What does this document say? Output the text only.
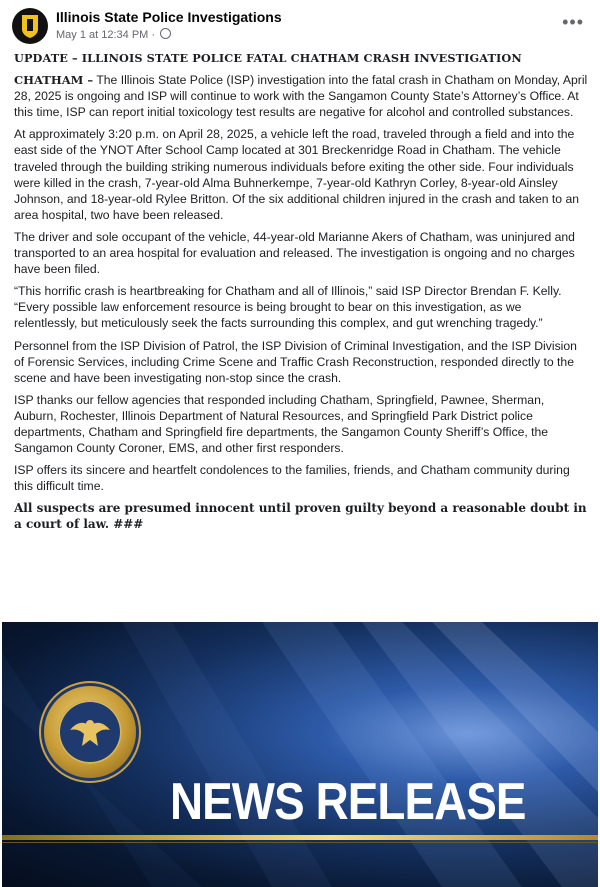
Illinois State Police Investigations
May 1 at 12:34 PM ·
•••
UPDATE – ILLINOIS STATE POLICE FATAL CHATHAM CRASH INVESTIGATION

CHATHAM – The Illinois State Police (ISP) investigation into the fatal crash in Chatham on Monday, April 28, 2025 is ongoing and ISP will continue to work with the Sangamon County State’s Attorney’s Office. At this time, ISP can report initial toxicology test results are negative for alcohol and controlled substances.

At approximately 3:20 p.m. on April 28, 2025, a vehicle left the road, traveled through a field and into the east side of the YNOT After School Camp located at 301 Breckenridge Road in Chatham. The vehicle traveled through the building striking numerous individuals before exiting the other side. Four individuals were killed in the crash, 7-year-old Alma Buhnerkempe, 7-year-old Kathryn Corley, 8-year-old Ainsley Johnson, and 18-year-old Rylee Britton. Of the six additional children injured in the crash and taken to an area hospital, two have been released.

The driver and sole occupant of the vehicle, 44-year-old Marianne Akers of Chatham, was uninjured and transported to an area hospital for evaluation and released. The investigation is ongoing and no charges have been filed.

“This horrific crash is heartbreaking for Chatham and all of Illinois,” said ISP Director Brendan F. Kelly. “Every possible law enforcement resource is being brought to bear on this investigation, as we relentlessly, but meticulously seek the facts surrounding this complex, and gut wrenching tragedy.”

Personnel from the ISP Division of Patrol, the ISP Division of Criminal Investigation, and the ISP Division of Forensic Services, including Crime Scene and Traffic Crash Reconstruction, responded directly to the scene and have been investigating non-stop since the crash.

ISP thanks our fellow agencies that responded including Chatham, Springfield, Pawnee, Sherman, Auburn, Rochester, Illinois Department of Natural Resources, and Springfield Park District police departments, Chatham and Springfield fire departments, the Sangamon County Sheriff’s Office, the Sangamon County Coroner, EMS, and other first responders.

ISP offers its sincere and heartfelt condolences to the families, friends, and Chatham community during this difficult time.

All suspects are presumed innocent until proven guilty beyond a reasonable doubt in a court of law. ###

NEWS RELEASE
